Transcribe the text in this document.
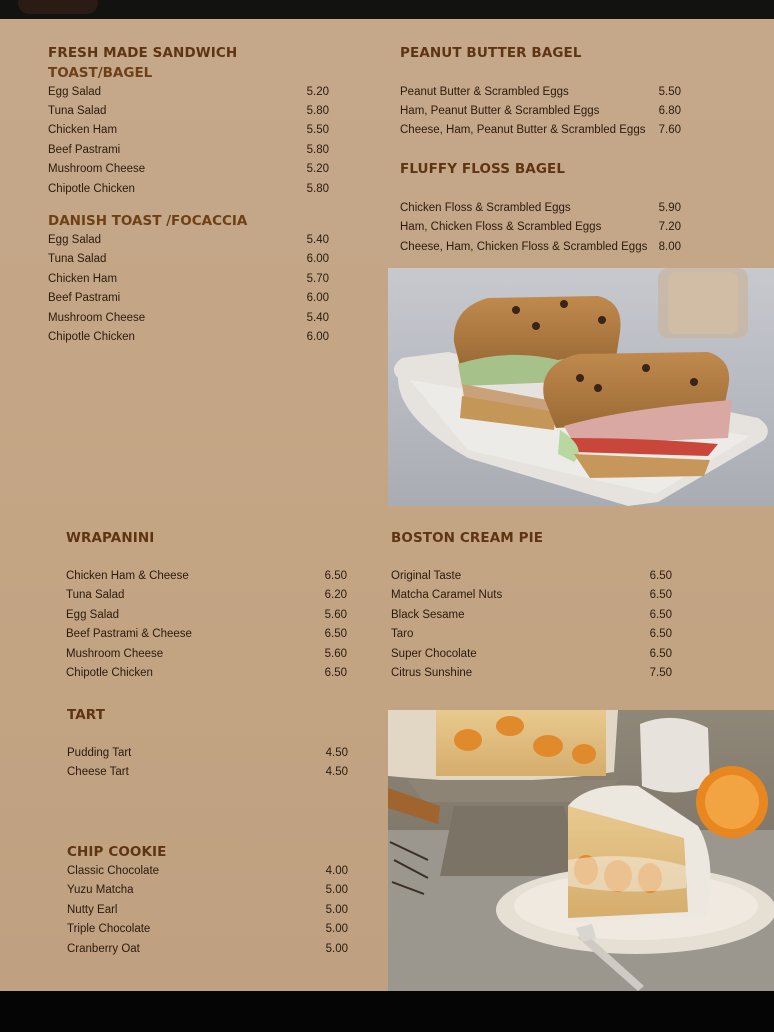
FRESH MADE SANDWICH
TOAST/BAGEL
Egg Salad	5.20
Tuna Salad	5.80
Chicken Ham	5.50
Beef Pastrami	5.80
Mushroom Cheese	5.20
Chipotle Chicken	5.80
DANISH TOAST /FOCACCIA
Egg Salad	5.40
Tuna Salad	6.00
Chicken Ham	5.70
Beef Pastrami	6.00
Mushroom Cheese	5.40
Chipotle Chicken	6.00
PEANUT BUTTER BAGEL
Peanut Butter & Scrambled Eggs	5.50
Ham, Peanut Butter & Scrambled Eggs	6.80
Cheese, Ham, Peanut Butter & Scrambled Eggs 7.60
FLUFFY FLOSS BAGEL
Chicken Floss & Scrambled Eggs	5.90
Ham, Chicken Floss & Scrambled Eggs	7.20
Cheese, Ham, Chicken Floss & Scrambled Eggs 8.00
WRAPANINI
Chicken Ham & Cheese	6.50
Tuna Salad	6.20
Egg Salad	5.60
Beef Pastrami & Cheese	6.50
Mushroom Cheese	5.60
Chipotle Chicken	6.50
BOSTON CREAM PIE
Original Taste	6.50
Matcha Caramel Nuts	6.50
Black Sesame	6.50
Taro	6.50
Super Chocolate	6.50
Citrus Sunshine	7.50
TART
Pudding Tart	4.50
Cheese Tart	4.50
CHIP COOKIE
Classic Chocolate	4.00
Yuzu Matcha	5.00
Nutty Earl	5.00
Triple Chocolate	5.00
Cranberry Oat	5.00
